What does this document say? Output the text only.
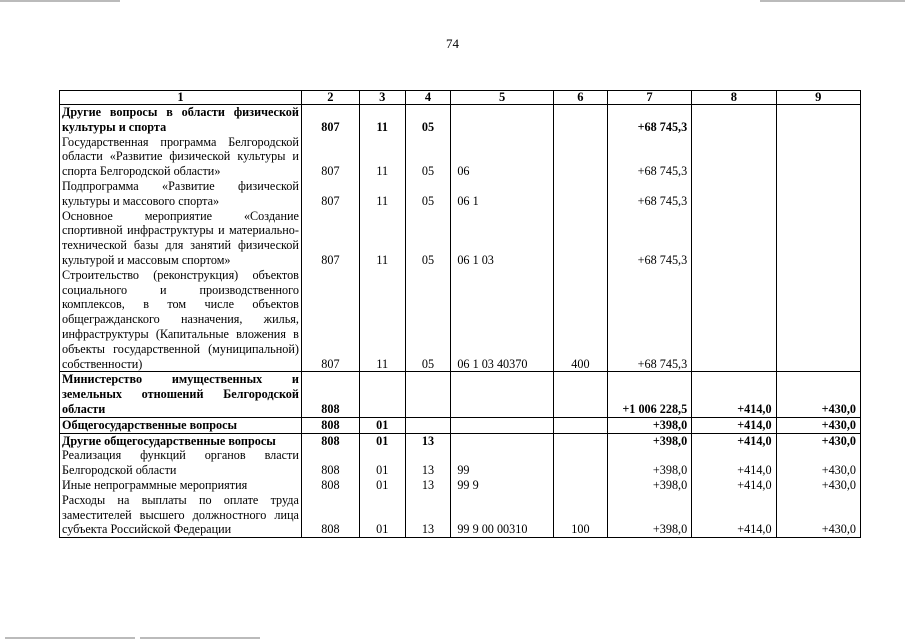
74
1	2	3	4	5	6	7	8	9
Другие вопросы в области физической культуры и спорта	807	11	05			+68 745,3		
Государственная программа Белгородской области «Развитие физической культуры и спорта Белгородской области»	807	11	05	06		+68 745,3		
Подпрограмма «Развитие физической культуры и массового спорта»	807	11	05	06 1		+68 745,3		
Основное мероприятие «Создание спортивной инфраструктуры и материально-технической базы для занятий физической культурой и массовым спортом»	807	11	05	06 1 03		+68 745,3		
Строительство (реконструкция) объектов социального и производственного комплексов, в том числе объектов общегражданского назначения, жилья, инфраструктуры (Капитальные вложения в объекты государственной (муниципальной) собственности)	807	11	05	06 1 03 40370	400	+68 745,3		
Министерство имущественных и земельных отношений Белгородской области	808					+1 006 228,5	+414,0	+430,0
Общегосударственные вопросы	808	01				+398,0	+414,0	+430,0
Другие общегосударственные вопросы	808	01	13			+398,0	+414,0	+430,0
Реализация функций органов власти Белгородской области	808	01	13	99		+398,0	+414,0	+430,0
Иные непрограммные мероприятия	808	01	13	99 9		+398,0	+414,0	+430,0
Расходы на выплаты по оплате труда заместителей высшего должностного лица субъекта Российской Федерации	808	01	13	99 9 00 00310	100	+398,0	+414,0	+430,0
